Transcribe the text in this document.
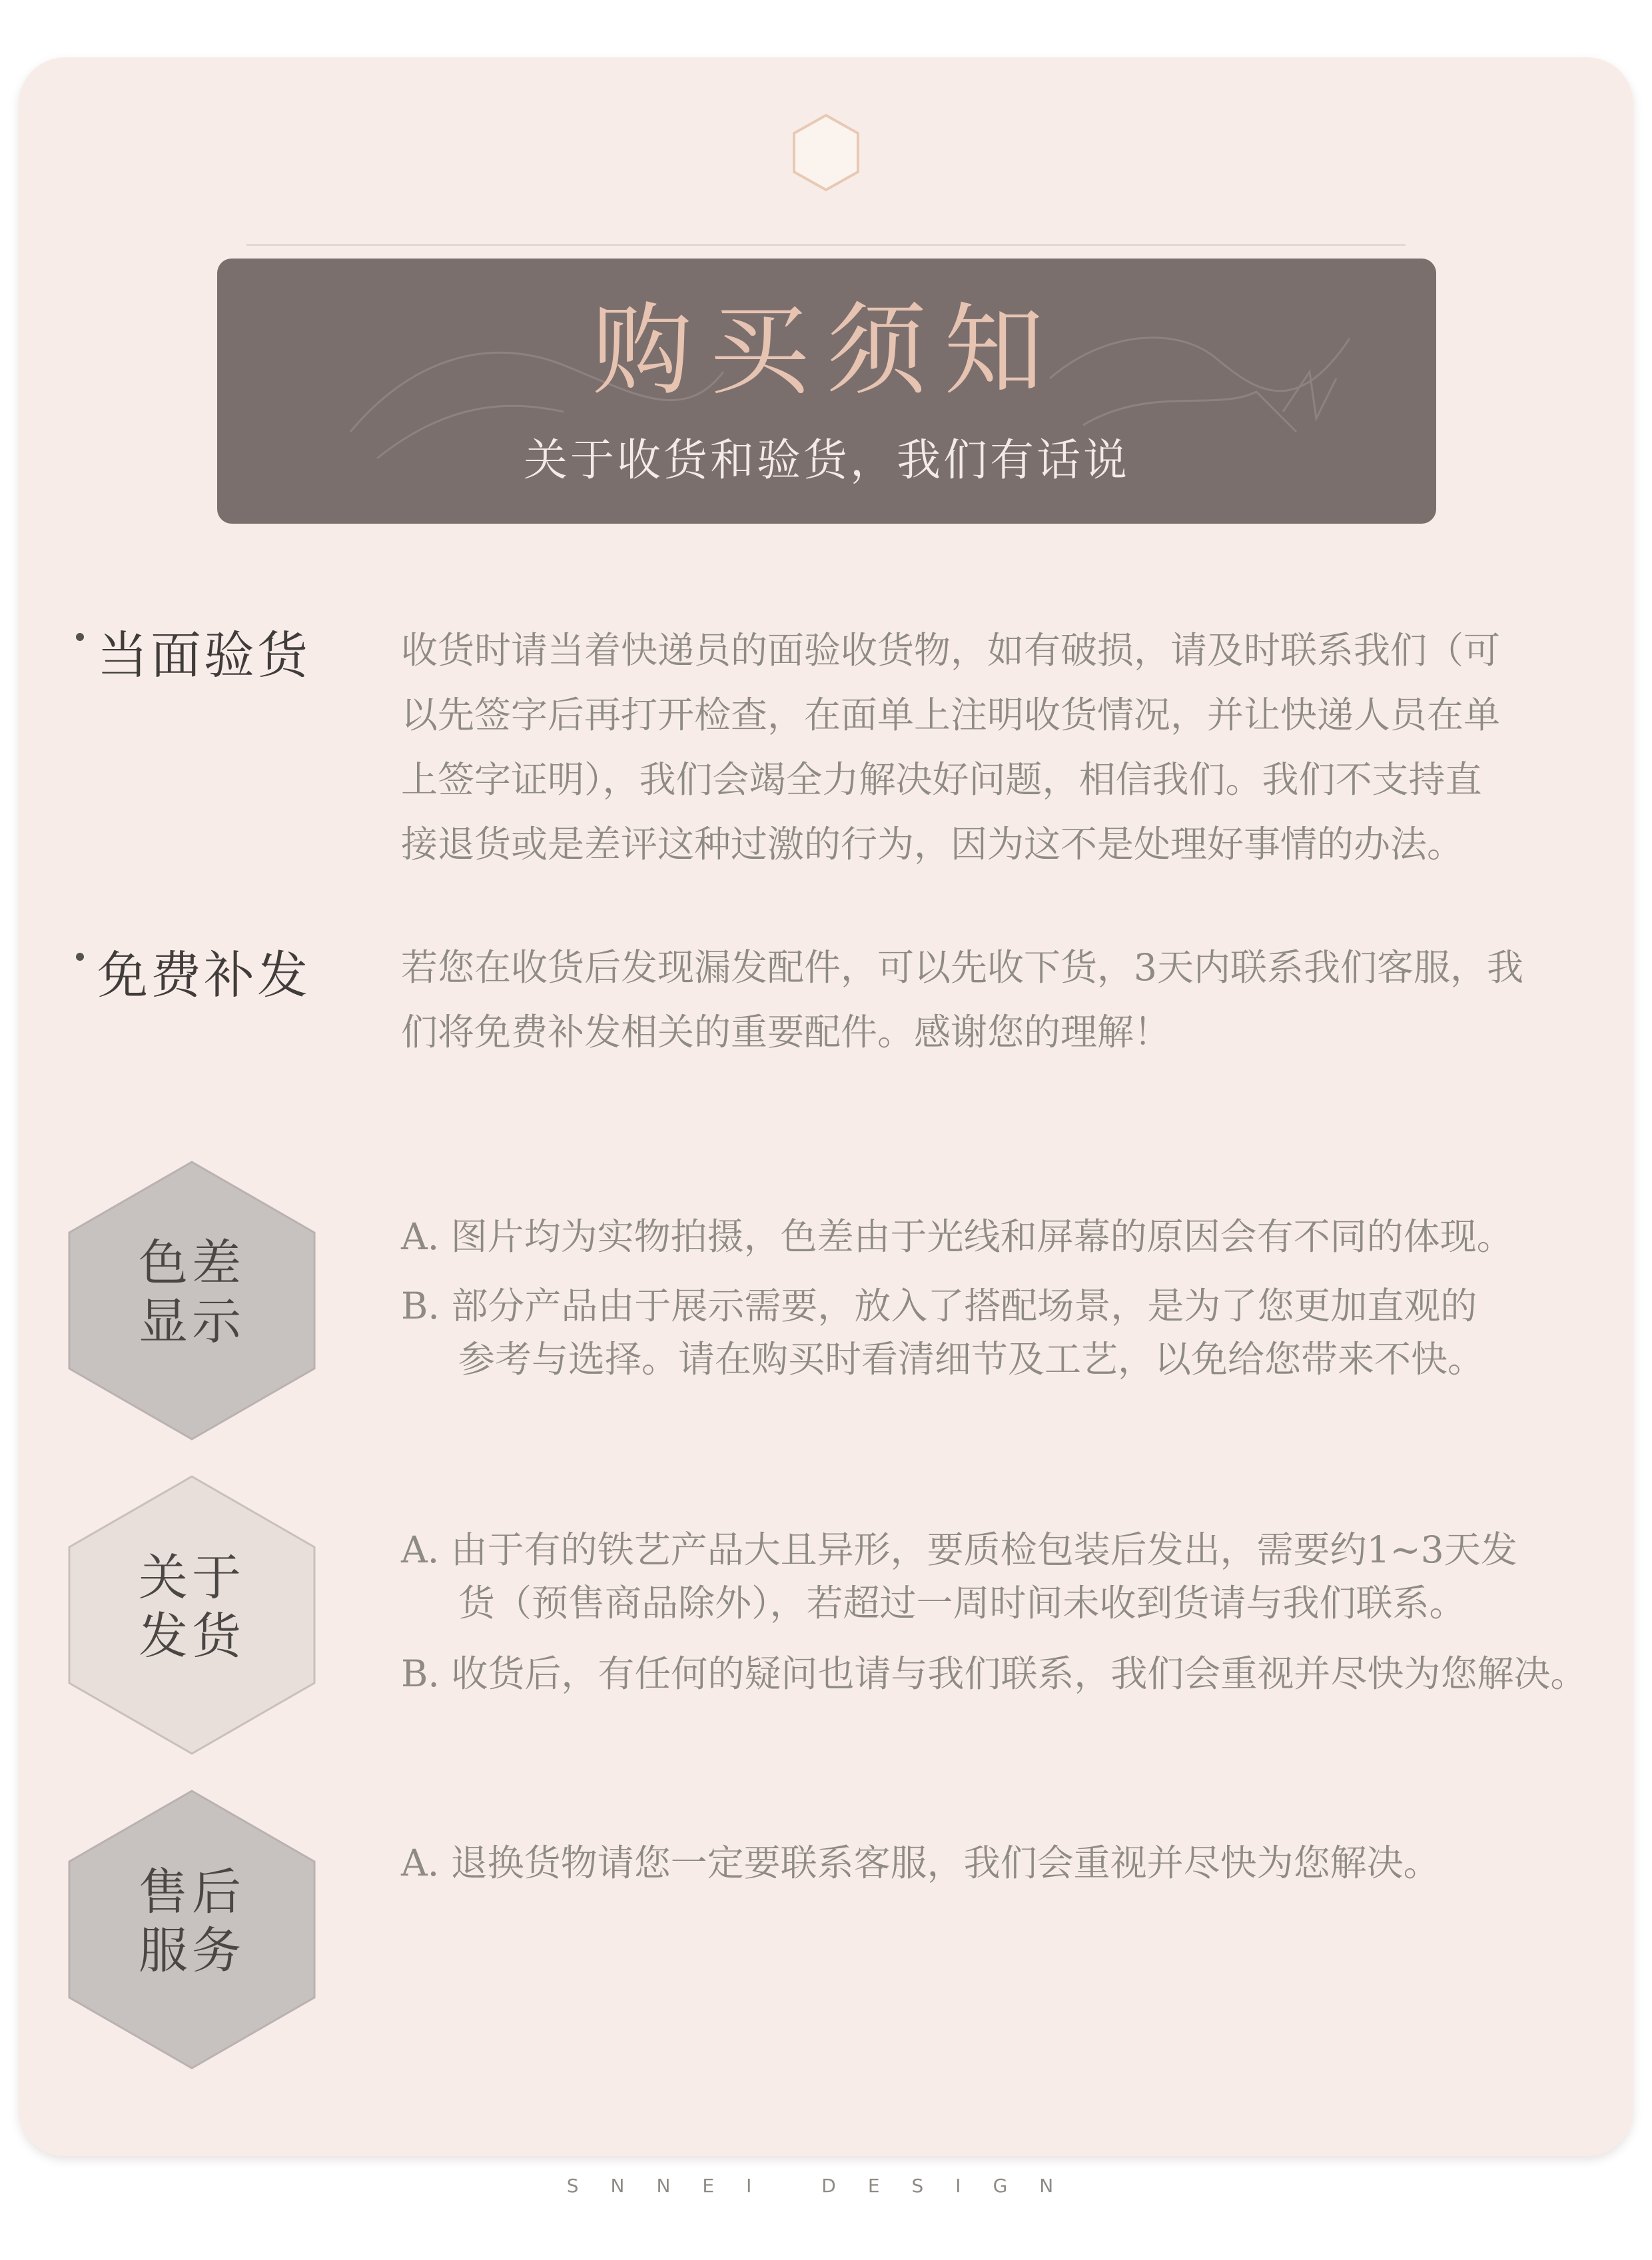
购买须知
关于收货和验货，我们有话说
当面验货 收货时请当着快递员的面验收货物，如有破损，请及时联系我们（可
以先签字后再打开检查，在面单上注明收货情况，并让快递人员在单
上签字证明），我们会竭全力解决好问题，相信我们。我们不支持直
接退货或是差评这种过激的行为，因为这不是处理好事情的办法。
免费补发 若您在收货后发现漏发配件，可以先收下货，3天内联系我们客服，我
们将免费补发相关的重要配件。感谢您的理解！
色差
显示
A. 图片均为实物拍摄，色差由于光线和屏幕的原因会有不同的体现。
B. 部分产品由于展示需要，放入了搭配场景，是为了您更加直观的
参考与选择。请在购买时看清细节及工艺，以免给您带来不快。
关于
发货
A. 由于有的铁艺产品大且异形，要质检包装后发出，需要约1~3天发
货（预售商品除外），若超过一周时间未收到货请与我们联系。
B. 收货后，有任何的疑问也请与我们联系，我们会重视并尽快为您解决。
售后
服务
A. 退换货物请您一定要联系客服，我们会重视并尽快为您解决。
SNNEI DESIGN
